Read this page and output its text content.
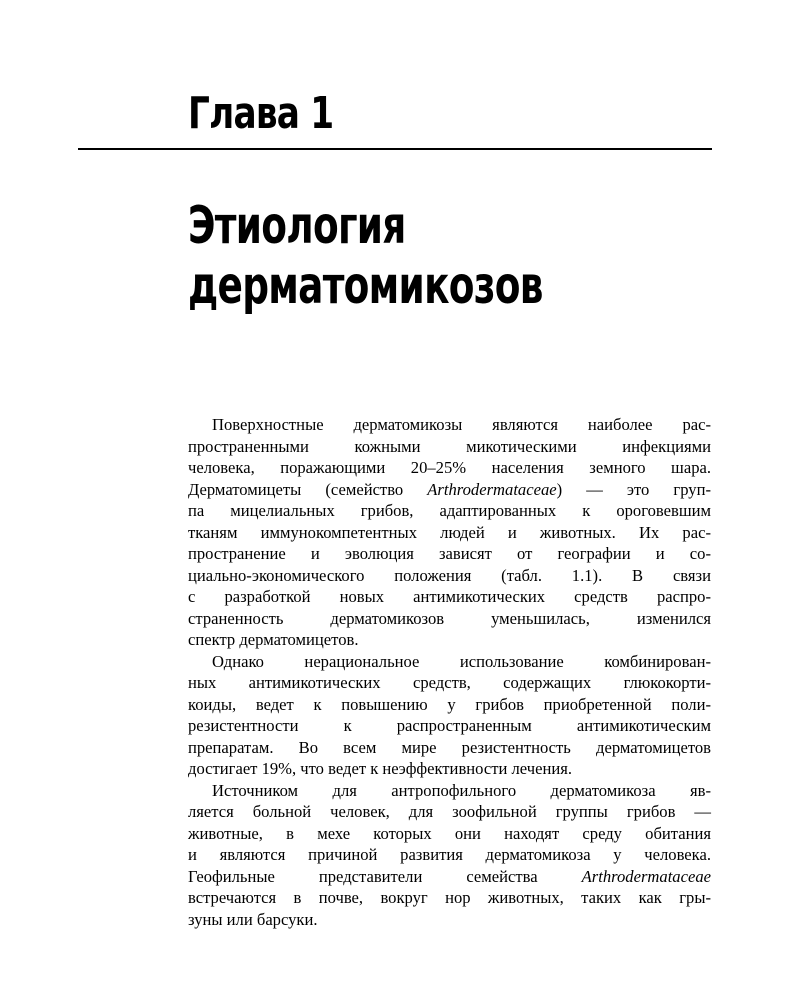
Глава 1
Этиология
дерматомикозов
Поверхностные дерматомикозы являются наиболее рас-
пространенными кожными микотическими инфекциями
человека, поражающими 20–25% населения земного шара.
Дерматомицеты (семейство Arthrodermataceae) — это груп-
па мицелиальных грибов, адаптированных к ороговевшим
тканям иммунокомпетентных людей и животных. Их рас-
пространение и эволюция зависят от географии и со-
циально-экономического положения (табл. 1.1). В связи
с разработкой новых антимикотических средств распро-
страненность дерматомикозов уменьшилась, изменился
спектр дерматомицетов.
Однако нерациональное использование комбинирован-
ных антимикотических средств, содержащих глюкокорти-
коиды, ведет к повышению у грибов приобретенной поли-
резистентности к распространенным антимикотическим
препаратам. Во всем мире резистентность дерматомицетов
достигает 19%, что ведет к неэффективности лечения.
Источником для антропофильного дерматомикоза яв-
ляется больной человек, для зоофильной группы грибов —
животные, в мехе которых они находят среду обитания
и являются причиной развития дерматомикоза у человека.
Геофильные представители семейства Arthrodermataceae
встречаются в почве, вокруг нор животных, таких как гры-
зуны или барсуки.
